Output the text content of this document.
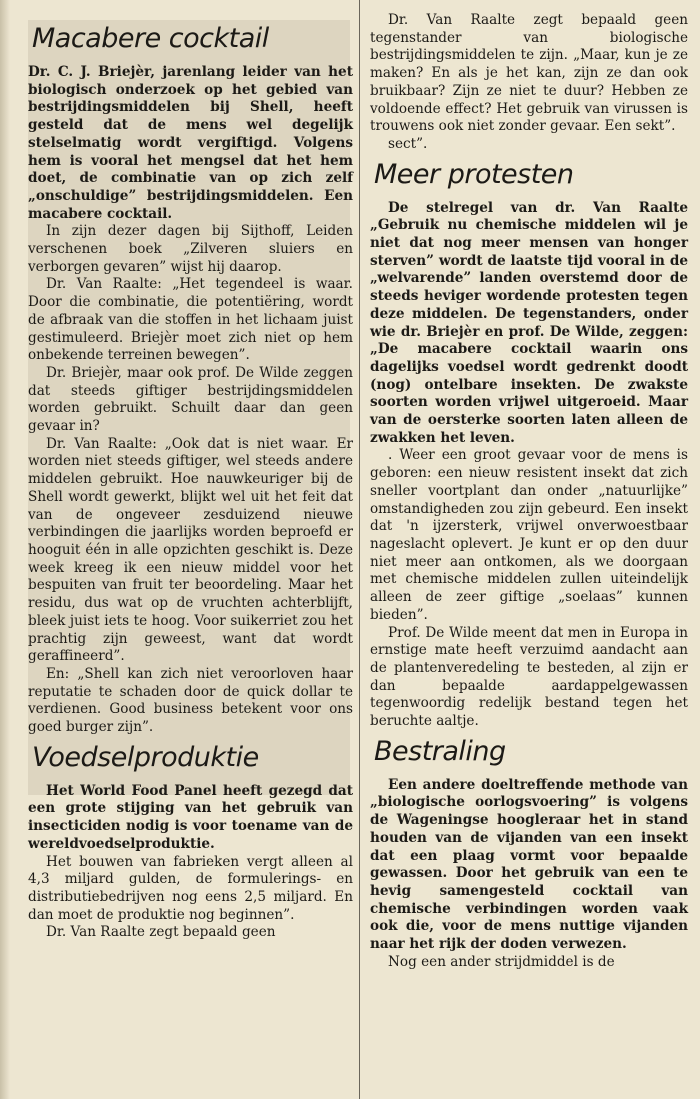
Macabere cocktail

Dr. C. J. Briejèr, jarenlang leider van het biologisch onderzoek op het gebied van bestrijdingsmiddelen bij Shell, heeft gesteld dat de mens wel degelijk stelselmatig wordt vergiftigd. Volgens hem is vooral het mengsel dat het hem doet, de combinatie van op zich zelf „onschuldige” bestrijdingsmiddelen. Een macabere cocktail.

In zijn dezer dagen bij Sijthoff, Leiden verschenen boek „Zilveren sluiers en verborgen gevaren” wijst hij daarop.

Dr. Van Raalte: „Het tegendeel is waar. Door die combinatie, die potentiëring, wordt de afbraak van die stoffen in het lichaam juist gestimuleerd. Briejèr moet zich niet op hem onbekende terreinen bewegen”.

Dr. Briejèr, maar ook prof. De Wilde zeggen dat steeds giftiger bestrijdingsmiddelen worden gebruikt. Schuilt daar dan geen gevaar in?

Dr. Van Raalte: „Ook dat is niet waar. Er worden niet steeds giftiger, wel steeds andere middelen gebruikt. Hoe nauwkeuriger bij de Shell wordt gewerkt, blijkt wel uit het feit dat van de ongeveer zesduizend nieuwe verbindingen die jaarlijks worden beproefd er hooguit één in alle opzichten geschikt is. Deze week kreeg ik een nieuw middel voor het bespuiten van fruit ter beoordeling. Maar het residu, dus wat op de vruchten achterblijft, bleek juist iets te hoog. Voor suikerriet zou het prachtig zijn geweest, want dat wordt geraffineerd”.

En: „Shell kan zich niet veroorloven haar reputatie te schaden door de quick dollar te verdienen. Good business betekent voor ons goed burger zijn”.

Voedselproduktie

Het World Food Panel heeft gezegd dat een grote stijging van het gebruik van insecticiden nodig is voor toename van de wereldvoedselproduktie.

Het bouwen van fabrieken vergt alleen al 4,3 miljard gulden, de formulerings- en distributiebedrijven nog eens 2,5 miljard. En dan moet de produktie nog beginnen”.

Dr. Van Raalte zegt bepaald geen

Dr. Van Raalte zegt bepaald geen tegenstander van biologische bestrijdingsmiddelen te zijn. „Maar, kun je ze maken? En als je het kan, zijn ze dan ook bruikbaar? Zijn ze niet te duur? Hebben ze voldoende effect? Het gebruik van virussen is trouwens ook niet zonder gevaar. Een sekt”.

sect”.

Meer protesten

De stelregel van dr. Van Raalte „Gebruik nu chemische middelen wil je niet dat nog meer mensen van honger sterven” wordt de laatste tijd vooral in de „welvarende” landen overstemd door de steeds heviger wordende protesten tegen deze middelen. De tegenstanders, onder wie dr. Briejèr en prof. De Wilde, zeggen: „De macabere cocktail waarin ons dagelijks voedsel wordt gedrenkt doodt (nog) ontelbare insekten. De zwakste soorten worden vrijwel uitgeroeid. Maar van de oersterke soorten laten alleen de zwakken het leven.

. Weer een groot gevaar voor de mens is geboren: een nieuw resistent insekt dat zich sneller voortplant dan onder „natuurlijke” omstandigheden zou zijn gebeurd. Een insekt dat 'n ijzersterk, vrijwel onverwoestbaar nageslacht oplevert. Je kunt er op den duur niet meer aan ontkomen, als we doorgaan met chemische middelen zullen uiteindelijk alleen de zeer giftige „soelaas” kunnen bieden”.

Prof. De Wilde meent dat men in Europa in ernstige mate heeft verzuimd aandacht aan de plantenveredeling te besteden, al zijn er dan bepaalde aardappelgewassen tegenwoordig redelijk bestand tegen het beruchte aaltje.

Bestraling

Een andere doeltreffende methode van „biologische oorlogsvoering” is volgens de Wageningse hoogleraar het in stand houden van de vijanden van een insekt dat een plaag vormt voor bepaalde gewassen. Door het gebruik van een te hevig samengesteld cocktail van chemische verbindingen worden vaak ook die, voor de mens nuttige vijanden naar het rijk der doden verwezen.

Nog een ander strijdmiddel is de
